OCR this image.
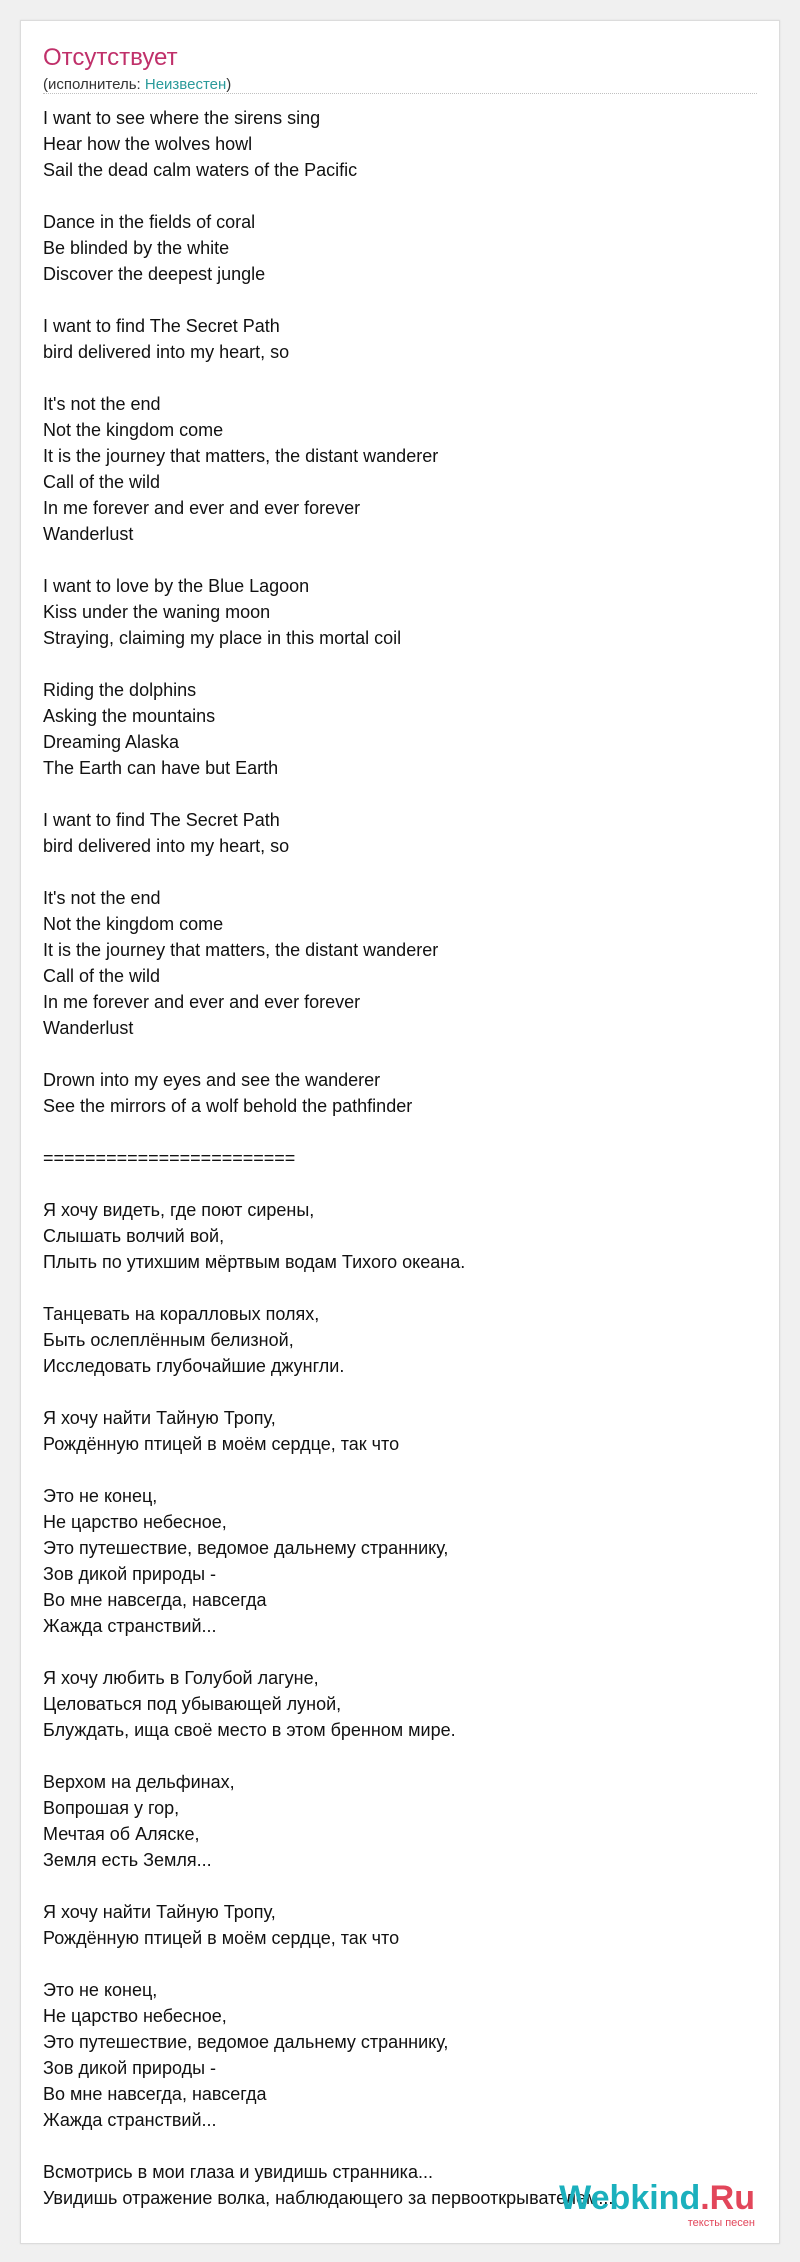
Отсутствует
(исполнитель: Неизвестен)
I want to see where the sirens sing
Hear how the wolves howl
Sail the dead calm waters of the Pacific
Dance in the fields of coral
Be blinded by the white
Discover the deepest jungle
I want to find The Secret Path
bird delivered into my heart, so
It's not the end
Not the kingdom come
It is the journey that matters, the distant wanderer
Call of the wild
In me forever and ever and ever forever
Wanderlust
I want to love by the Blue Lagoon
Kiss under the waning moon
Straying, claiming my place in this mortal coil
Riding the dolphins
Asking the mountains
Dreaming Alaska
The Earth can have but Earth
I want to find The Secret Path
bird delivered into my heart, so
It's not the end
Not the kingdom come
It is the journey that matters, the distant wanderer
Call of the wild
In me forever and ever and ever forever
Wanderlust
Drown into my eyes and see the wanderer
See the mirrors of a wolf behold the pathfinder
========================
Я хочу видеть, где поют сирены,
Слышать волчий вой,
Плыть по утихшим мёртвым водам Тихого океана.
Танцевать на коралловых полях,
Быть ослеплённым белизной,
Исследовать глубочайшие джунгли.
Я хочу найти Тайную Тропу,
Рождённую птицей в моём сердце, так что
Это не конец,
Не царство небесное,
Это путешествие, ведомое дальнему страннику,
Зов дикой природы -
Во мне навсегда, навсегда
Жажда странствий...
Я хочу любить в Голубой лагуне,
Целоваться под убывающей луной,
Блуждать, ища своё место в этом бренном мире.
Верхом на дельфинах,
Вопрошая у гор,
Мечтая об Аляске,
Земля есть Земля...
Я хочу найти Тайную Тропу,
Рождённую птицей в моём сердце, так что
Это не конец,
Не царство небесное,
Это путешествие, ведомое дальнему страннику,
Зов дикой природы -
Во мне навсегда, навсегда
Жажда странствий...
Всмотрись в мои глаза и увидишь странника...
Увидишь отражение волка, наблюдающего за первооткрывателем...
Webkind.Ru
тексты песен
